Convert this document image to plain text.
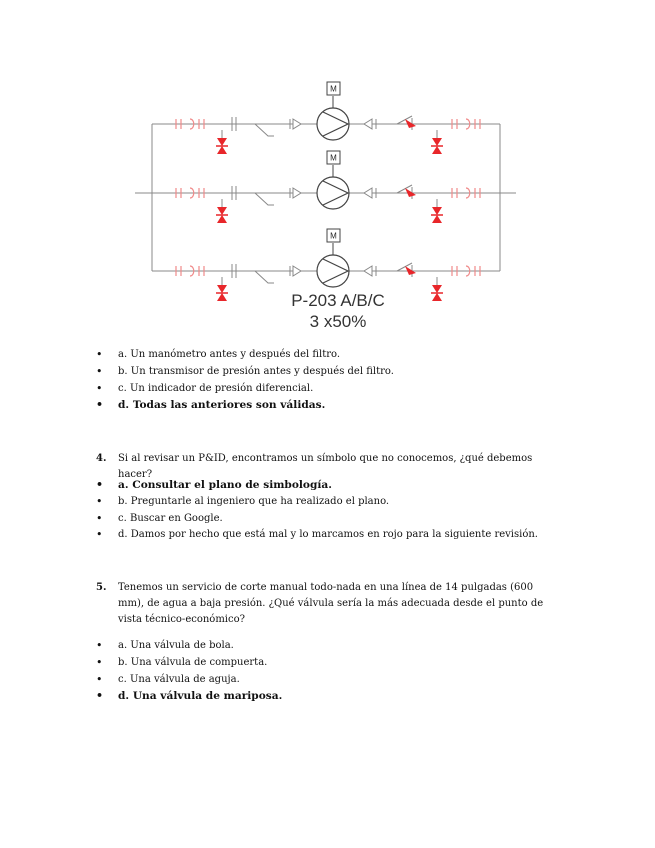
M
M
M
P-203 A/B/C
3 x50%
• a. Un manómetro antes y después del filtro.
• b. Un transmisor de presión antes y después del filtro.
• c. Un indicador de presión diferencial.
• d. Todas las anteriores son válidas.
4.	Si al revisar un P&ID, encontramos un símbolo que no conocemos, ¿qué debemos hacer?
• a. Consultar el plano de simbología.
• b. Preguntarle al ingeniero que ha realizado el plano.
• c. Buscar en Google.
• d. Damos por hecho que está mal y lo marcamos en rojo para la siguiente revisión.
5.	Tenemos un servicio de corte manual todo-nada en una línea de 14 pulgadas (600 mm), de agua a baja presión. ¿Qué válvula sería la más adecuada desde el punto de vista técnico-económico?
• a. Una válvula de bola.
• b. Una válvula de compuerta.
• c. Una válvula de aguja.
• d. Una válvula de mariposa.
